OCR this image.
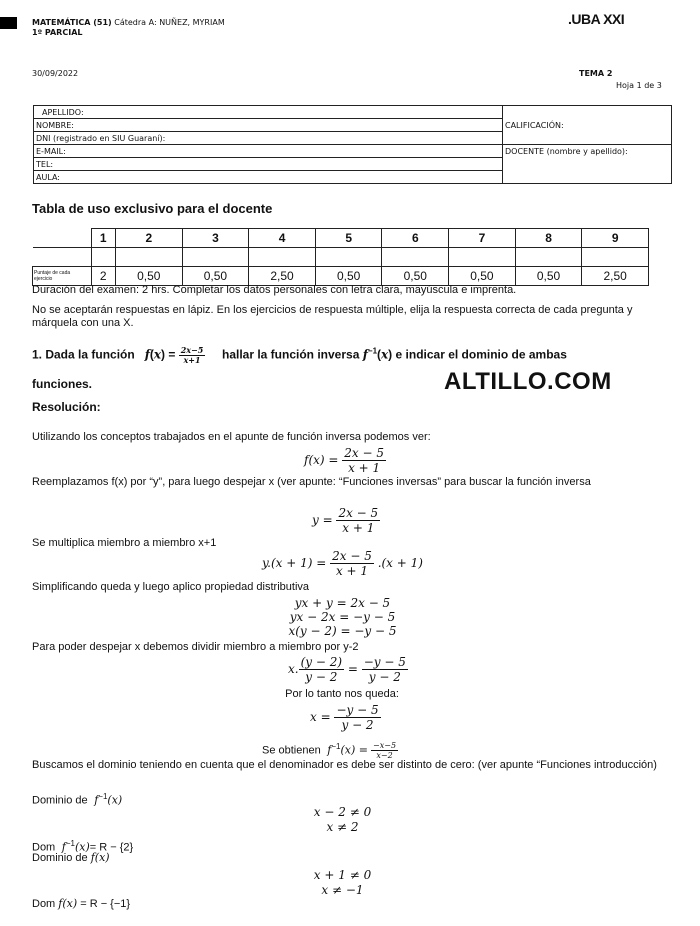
MATEMÁTICA (51) Cátedra A: NUÑEZ, MYRIAM
1º PARCIAL
.UBA XXI
30/09/2022	TEMA 2
Hoja 1 de 3
APELLIDO:	CALIFICACIÓN:
NOMBRE:	
DNI (registrado en SIU Guaraní):	
E-MAIL:	DOCENTE (nombre y apellido):
TEL:	
AULA:	
Tabla de uso exclusivo para el docente
	1	2	3	4	5	6	7	8	9

Puntaje de cada ejercicio	2	0,50	0,50	2,50	0,50	0,50	0,50	0,50	2,50
Duración del examen: 2 hrs. Completar los datos personales con letra clara, mayúscula e imprenta.
No se aceptarán respuestas en lápiz. En los ejercicios de respuesta múltiple, elija la respuesta correcta de cada pregunta y márquela con una X.
1. Dada la función $f(x) = \frac{2x-5}{x+1}$ hallar la función inversa $f^{-1}(x)$ e indicar el dominio de ambas
funciones.	ALTILLO.COM
Resolución:
Utilizando los conceptos trabajados en el apunte de función inversa podemos ver:
$f(x) = \frac{2x - 5}{x + 1}$
Reemplazamos f(x) por “y”, para luego despejar x (ver apunte: “Funciones inversas” para buscar la función inversa
$y = \frac{2x - 5}{x + 1}$
Se multiplica miembro a miembro x+1
$y.(x + 1) = \frac{2x - 5}{x + 1} .(x + 1)$
Simplificando queda y luego aplico propiedad distributiva
yx + y = 2x − 5
yx − 2x = −y − 5
x(y − 2) = −y − 5
Para poder despejar x debemos dividir miembro a miembro por y-2
x. $\frac{(y - 2)}{y - 2} = \frac{-y - 5}{y - 2}$
Por lo tanto nos queda:
$x = \frac{-y - 5}{y - 2}$
Se obtienen  $f^{-1}(x) = \frac{-x-5}{x-2}$
Buscamos el dominio teniendo en cuenta que el denominador es debe ser distinto de cero: (ver apunte “Funciones introducción)
Dominio de  $f^{-1}(x)$
x − 2 ≠ 0
x ≠ 2
Dom  $f^{-1}(x)= R - \{2\}$
Dominio de f(x)
x + 1 ≠ 0
x ≠ −1
Dom f(x) = R − {−1}
